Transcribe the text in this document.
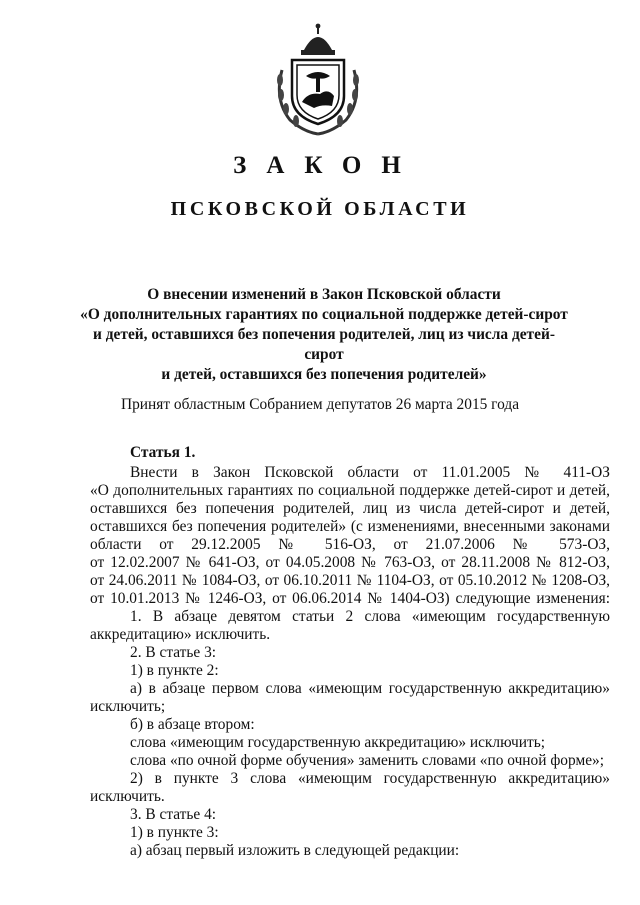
ЗАКОН
ПСКОВСКОЙ ОБЛАСТИ
О внесении изменений в Закон Псковской области
«О дополнительных гарантиях по социальной поддержке детей-сирот
и детей, оставшихся без попечения родителей, лиц из числа детей-сирот
и детей, оставшихся без попечения родителей»
Принят областным Собранием депутатов 26 марта 2015 года
Статья 1.
Внести в Закон Псковской области от 11.01.2005 № 411-ОЗ
«О дополнительных гарантиях по социальной поддержке детей-сирот и детей,
оставшихся без попечения родителей, лиц из числа детей-сирот и детей,
оставшихся без попечения родителей» (с изменениями, внесенными законами
области от 29.12.2005 № 516-ОЗ, от 21.07.2006 № 573-ОЗ,
от 12.02.2007 № 641-ОЗ, от 04.05.2008 № 763-ОЗ, от 28.11.2008 № 812-ОЗ,
от 24.06.2011 № 1084-ОЗ, от 06.10.2011 № 1104-ОЗ, от 05.10.2012 № 1208-ОЗ,
от 10.01.2013 № 1246-ОЗ, от 06.06.2014 № 1404-ОЗ) следующие изменения:
1. В абзаце девятом статьи 2 слова «имеющим государственную
аккредитацию» исключить.
2. В статье 3:
1) в пункте 2:
а) в абзаце первом слова «имеющим государственную аккредитацию»
исключить;
б) в абзаце втором:
слова «имеющим государственную аккредитацию» исключить;
слова «по очной форме обучения» заменить словами «по очной форме»;
2) в пункте 3 слова «имеющим государственную аккредитацию»
исключить.
3. В статье 4:
1) в пункте 3:
а) абзац первый изложить в следующей редакции:
